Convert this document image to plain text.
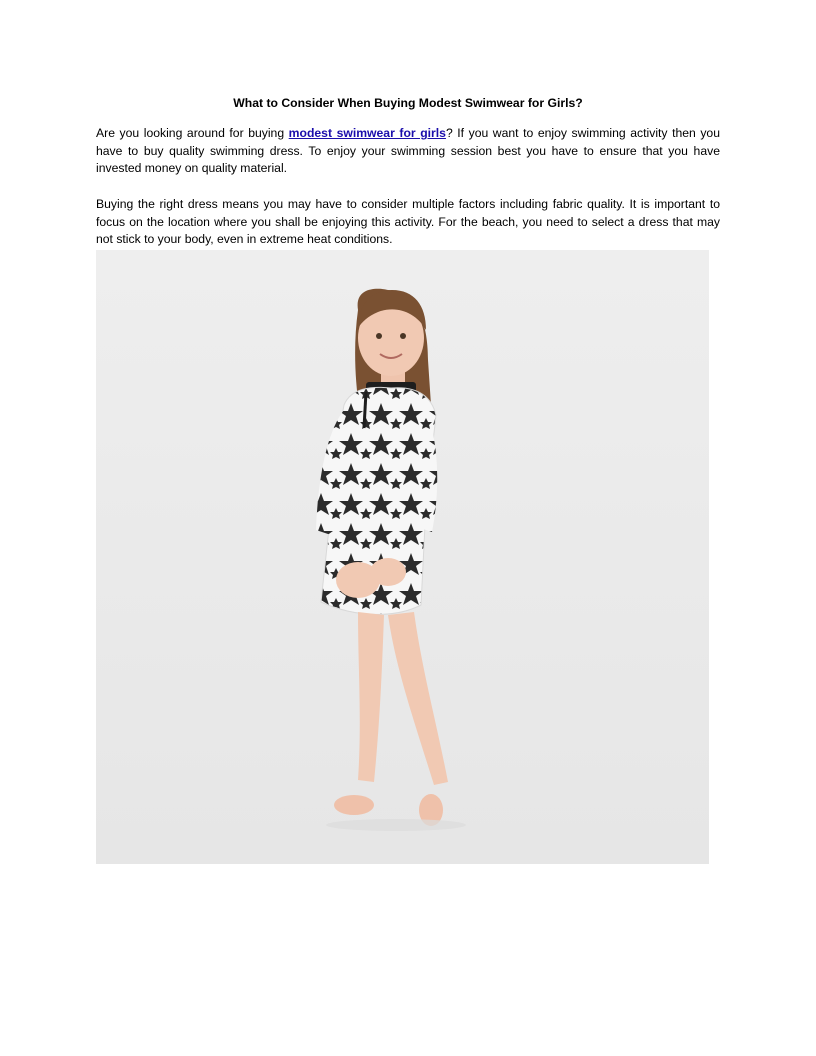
What to Consider When Buying Modest Swimwear for Girls?

Are you looking around for buying modest swimwear for girls? If you want to enjoy swimming activity then you have to buy quality swimming dress. To enjoy your swimming session best you have to ensure that you have invested money on quality material.

Buying the right dress means you may have to consider multiple factors including fabric quality. It is important to focus on the location where you shall be enjoying this activity. For the beach, you need to select a dress that may not stick to your body, even in extreme heat conditions.
